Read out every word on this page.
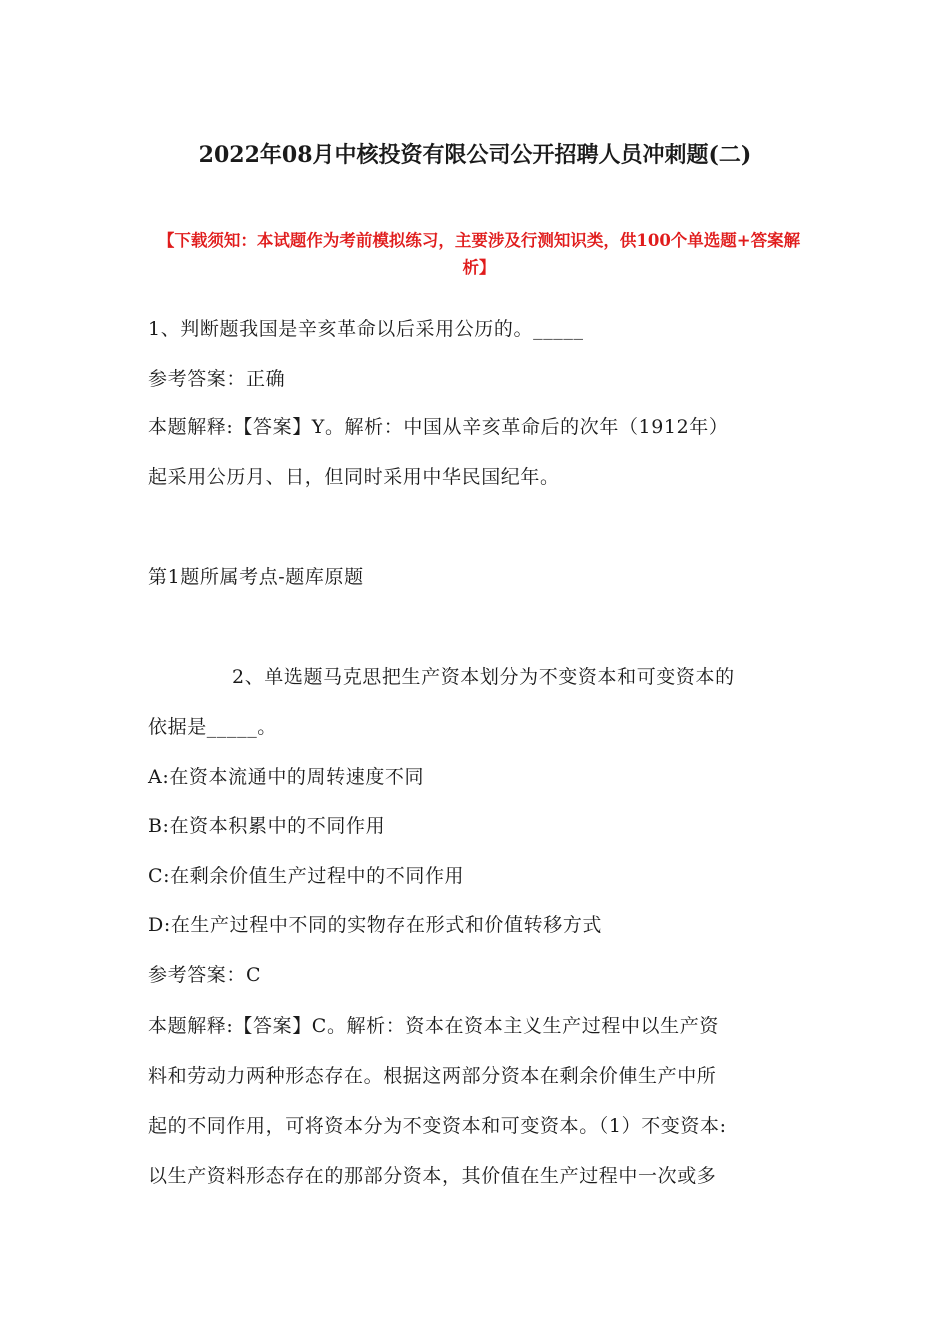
2022年08月中核投资有限公司公开招聘人员冲刺题(二)
【下载须知：本试题作为考前模拟练习，主要涉及行测知识类，供100个单选题+答案解析】
1、判断题我国是辛亥革命以后采用公历的。_____
参考答案：正确
本题解释:【答案】Y。解析：中国从辛亥革命后的次年（1912年）
起采用公历月、日，但同时采用中华民国纪年。
第1题所属考点-题库原题
2、单选题马克思把生产资本划分为不变资本和可变资本的
依据是_____。
A:在资本流通中的周转速度不同
B:在资本积累中的不同作用
C:在剩余价值生产过程中的不同作用
D:在生产过程中不同的实物存在形式和价值转移方式
参考答案：C
本题解释:【答案】C。解析：资本在资本主义生产过程中以生产资
料和劳动力两种形态存在。根据这两部分资本在剩余价俥生产中所
起的不同作用，可将资本分为不变资本和可变资本。（1）不变资本:
以生产资料形态存在的那部分资本，其价值在生产过程中一次或多
